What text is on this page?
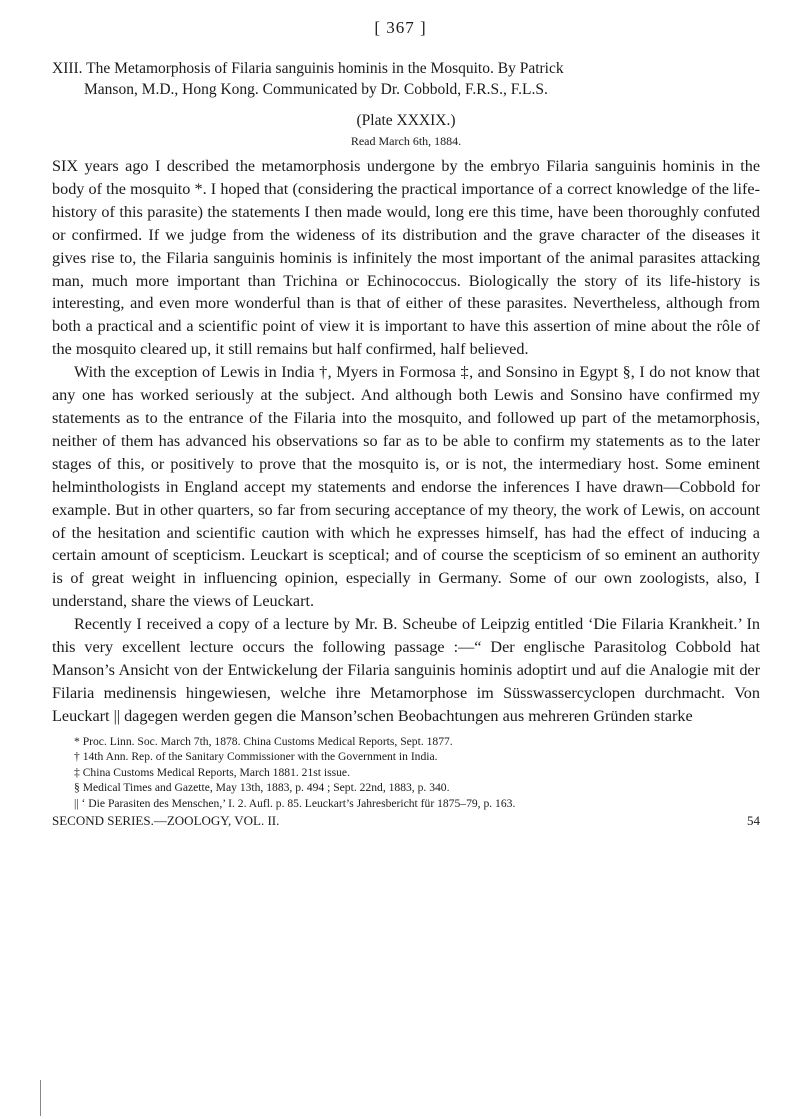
[ 367 ]
XIII. The Metamorphosis of Filaria sanguinis hominis in the Mosquito. By Patrick
Manson, M.D., Hong Kong. Communicated by Dr. Cobbold, F.R.S., F.L.S.
(Plate XXXIX.)
Read March 6th, 1884.

SIX years ago I described the metamorphosis undergone by the embryo Filaria sanguinis hominis in the body of the mosquito *. I hoped that (considering the practical importance of a correct knowledge of the life-history of this parasite) the statements I then made would, long ere this time, have been thoroughly confuted or confirmed. If we judge from the wideness of its distribution and the grave character of the diseases it gives rise to, the Filaria sanguinis hominis is infinitely the most important of the animal parasites attacking man, much more important than Trichina or Echinococcus. Biologically the story of its life-history is interesting, and even more wonderful than is that of either of these parasites. Nevertheless, although from both a practical and a scientific point of view it is important to have this assertion of mine about the rôle of the mosquito cleared up, it still remains but half confirmed, half believed.

With the exception of Lewis in India †, Myers in Formosa ‡, and Sonsino in Egypt §, I do not know that any one has worked seriously at the subject. And although both Lewis and Sonsino have confirmed my statements as to the entrance of the Filaria into the mosquito, and followed up part of the metamorphosis, neither of them has advanced his observations so far as to be able to confirm my statements as to the later stages of this, or positively to prove that the mosquito is, or is not, the intermediary host. Some eminent helminthologists in England accept my statements and endorse the inferences I have drawn—Cobbold for example. But in other quarters, so far from securing acceptance of my theory, the work of Lewis, on account of the hesitation and scientific caution with which he expresses himself, has had the effect of inducing a certain amount of scepticism. Leuckart is sceptical; and of course the scepticism of so eminent an authority is of great weight in influencing opinion, especially in Germany. Some of our own zoologists, also, I understand, share the views of Leuckart.

Recently I received a copy of a lecture by Mr. B. Scheube of Leipzig entitled ‘Die Filaria Krankheit.’ In this very excellent lecture occurs the following passage :—“ Der englische Parasitolog Cobbold hat Manson’s Ansicht von der Entwickelung der Filaria sanguinis hominis adoptirt und auf die Analogie mit der Filaria medinensis hingewiesen, welche ihre Metamorphose im Süsswassercyclopen durchmacht. Von Leuckart || dagegen werden gegen die Manson’schen Beobachtungen aus mehreren Gründen starke

* Proc. Linn. Soc. March 7th, 1878. China Customs Medical Reports, Sept. 1877.
† 14th Ann. Rep. of the Sanitary Commissioner with the Government in India.
‡ China Customs Medical Reports, March 1881. 21st issue.
§ Medical Times and Gazette, May 13th, 1883, p. 494 ; Sept. 22nd, 1883, p. 340.
|| ‘ Die Parasiten des Menschen,’ I. 2. Aufl. p. 85. Leuckart’s Jahresbericht für 1875–79, p. 163.
SECOND SERIES.—ZOOLOGY, VOL. II.	54
